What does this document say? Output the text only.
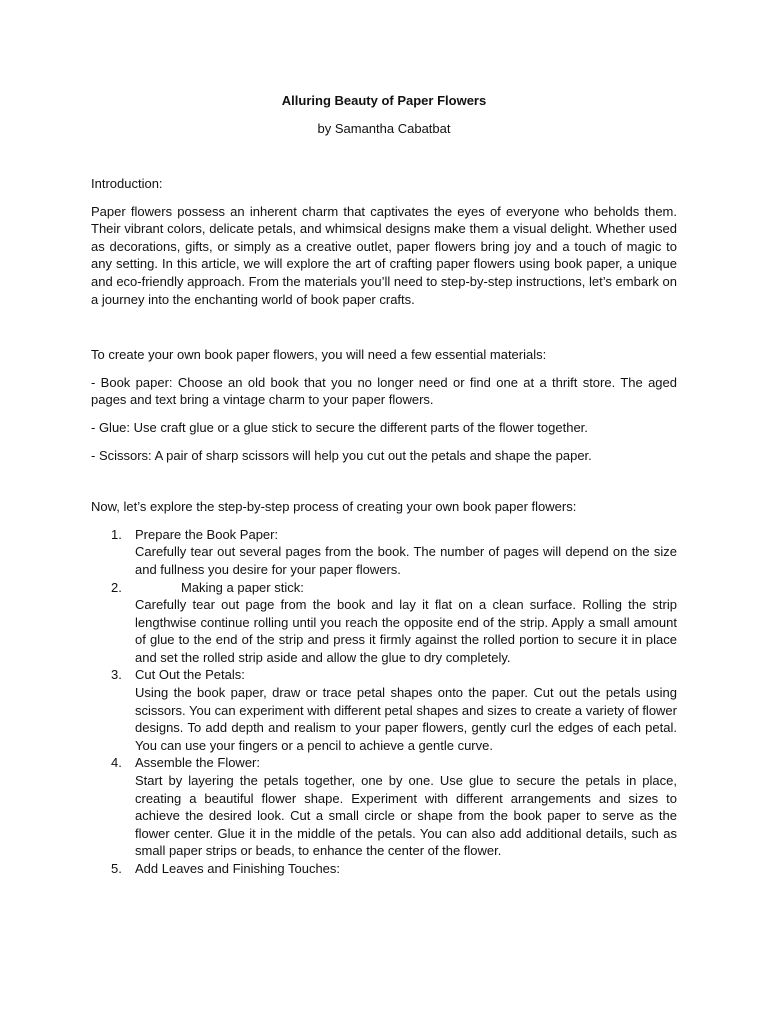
Alluring Beauty of Paper Flowers
by Samantha Cabatbat

Introduction:

Paper flowers possess an inherent charm that captivates the eyes of everyone who beholds them. Their vibrant colors, delicate petals, and whimsical designs make them a visual delight. Whether used as decorations, gifts, or simply as a creative outlet, paper flowers bring joy and a touch of magic to any setting. In this article, we will explore the art of crafting paper flowers using book paper, a unique and eco-friendly approach. From the materials you’ll need to step-by-step instructions, let’s embark on a journey into the enchanting world of book paper crafts.

To create your own book paper flowers, you will need a few essential materials:

- Book paper: Choose an old book that you no longer need or find one at a thrift store. The aged pages and text bring a vintage charm to your paper flowers.

- Glue: Use craft glue or a glue stick to secure the different parts of the flower together.

- Scissors: A pair of sharp scissors will help you cut out the petals and shape the paper.

Now, let’s explore the step-by-step process of creating your own book paper flowers:

1. Prepare the Book Paper:
Carefully tear out several pages from the book. The number of pages will depend on the size and fullness you desire for your paper flowers.
2.	Making a paper stick:
Carefully tear out page from the book and lay it flat on a clean surface. Rolling the strip lengthwise continue rolling until you reach the opposite end of the strip. Apply a small amount of glue to the end of the strip and press it firmly against the rolled portion to secure it in place and set the rolled strip aside and allow the glue to dry completely.
3. Cut Out the Petals:
Using the book paper, draw or trace petal shapes onto the paper. Cut out the petals using scissors. You can experiment with different petal shapes and sizes to create a variety of flower designs. To add depth and realism to your paper flowers, gently curl the edges of each petal. You can use your fingers or a pencil to achieve a gentle curve.
4. Assemble the Flower:
Start by layering the petals together, one by one. Use glue to secure the petals in place, creating a beautiful flower shape. Experiment with different arrangements and sizes to achieve the desired look. Cut a small circle or shape from the book paper to serve as the flower center. Glue it in the middle of the petals. You can also add additional details, such as small paper strips or beads, to enhance the center of the flower.
5. Add Leaves and Finishing Touches:
